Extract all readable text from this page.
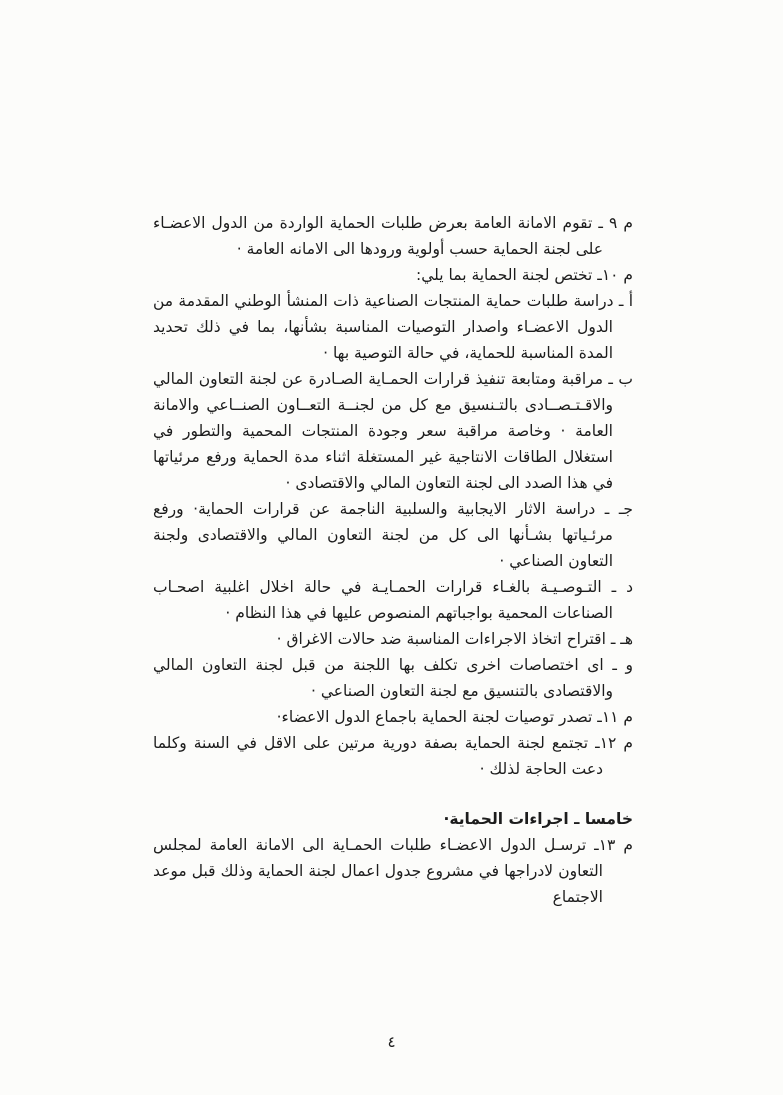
م ٩ ـ تقوم الامانة العامة بعرض طلبات الحماية الواردة من الدول الاعضـاء على لجنة الحماية حسب أولوية ورودها الى الامانه العامة ·

م ١٠ـ تختص لجنة الحماية بما يلي:

أ ـ دراسة طلبات حماية المنتجات الصناعية ذات المنشأ الوطني المقدمة من الدول الاعضـاء واصدار التوصيات المناسبة بشأنها، بما في ذلك تحديد المدة المناسبة للحماية، في حالة التوصية بها ·

ب ـ مراقبة ومتابعة تنفيذ قرارات الحمـاية الصـادرة عن لجنة التعاون المالي والاقـتـصــادى بالتـنسيق مع كل من لجنــة التعــاون الصنــاعي والامانة العامة · وخاصة مراقبة سعر وجودة المنتجات المحمية والتطور في استغلال الطاقات الانتاجية غير المستغلة اثناء مدة الحماية ورفع مرئياتها في هذا الصدد الى لجنة التعاون المالي والاقتصادى ·

جـ ـ دراسة الاثار الايجابية والسلبية الناجمة عن قرارات الحماية· ورفع مرئـياتها بشـأنها الى كل من لجنة التعاون المالي والاقتصادى ولجنة التعاون الصناعي ·

د ـ التـوصـيـة بالغـاء قرارات الحمـايـة في حالة اخلال اغلبية اصحـاب الصناعات المحمية بواجباتهم المنصوص عليها في هذا النظام ·

هـ ـ اقتراح اتخاذ الاجراءات المناسبة ضد حالات الاغراق ·

و ـ اى اختصاصات اخرى تكلف بها اللجنة من قبل لجنة التعاون المالي والاقتصادى بالتنسيق مع لجنة التعاون الصناعي ·

م ١١ـ تصدر توصيات لجنة الحماية باجماع الدول الاعضاء·

م ١٢ـ تجتمع لجنة الحماية بصفة دورية مرتين على الاقل في السنة وكلما دعت الحاجة لذلك ·

خامسا ـ اجراءات الحماية·

م ١٣ـ ترسـل الدول الاعضـاء طلبات الحمـاية الى الامانة العامة لمجلس التعاون لادراجها في مشروع جدول اعمال لجنة الحماية وذلك قبل موعد الاجتماع

٤
